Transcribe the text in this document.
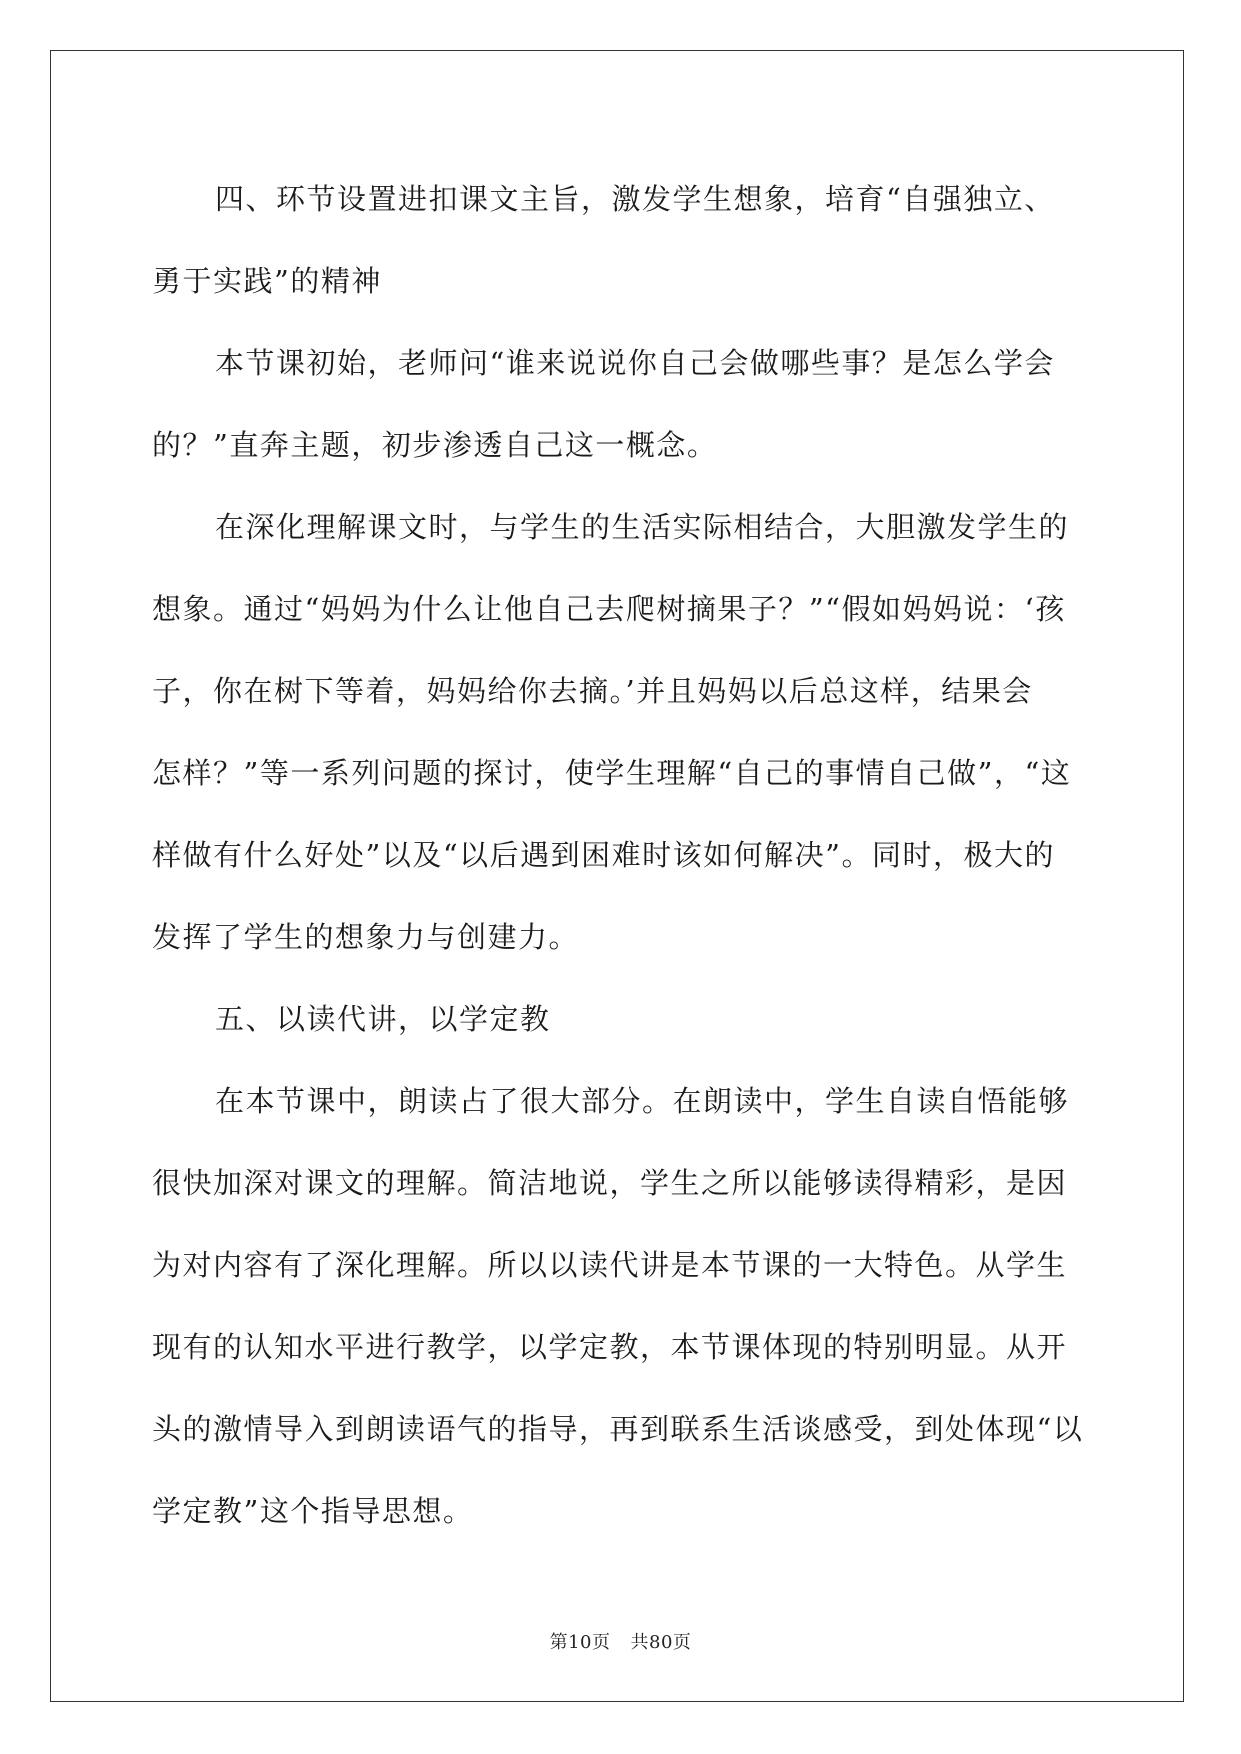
四、环节设置进扣课文主旨，激发学生想象，培育“自强独立、
勇于实践”的精神
本节课初始，老师问“谁来说说你自己会做哪些事？是怎么学会
的？”直奔主题，初步渗透自己这一概念。
在深化理解课文时，与学生的生活实际相结合，大胆激发学生的
想象。通过“妈妈为什么让他自己去爬树摘果子？”“假如妈妈说：‘孩
子，你在树下等着，妈妈给你去摘。’并且妈妈以后总这样，结果会
怎样？”等一系列问题的探讨，使学生理解“自己的事情自己做”，“这
样做有什么好处”以及“以后遇到困难时该如何解决”。同时，极大的
发挥了学生的想象力与创建力。
五、以读代讲，以学定教
在本节课中，朗读占了很大部分。在朗读中，学生自读自悟能够
很快加深对课文的理解。简洁地说，学生之所以能够读得精彩，是因
为对内容有了深化理解。所以以读代讲是本节课的一大特色。从学生
现有的认知水平进行教学，以学定教，本节课体现的特别明显。从开
头的激情导入到朗读语气的指导，再到联系生活谈感受，到处体现“以
学定教”这个指导思想。
第10页 共80页
